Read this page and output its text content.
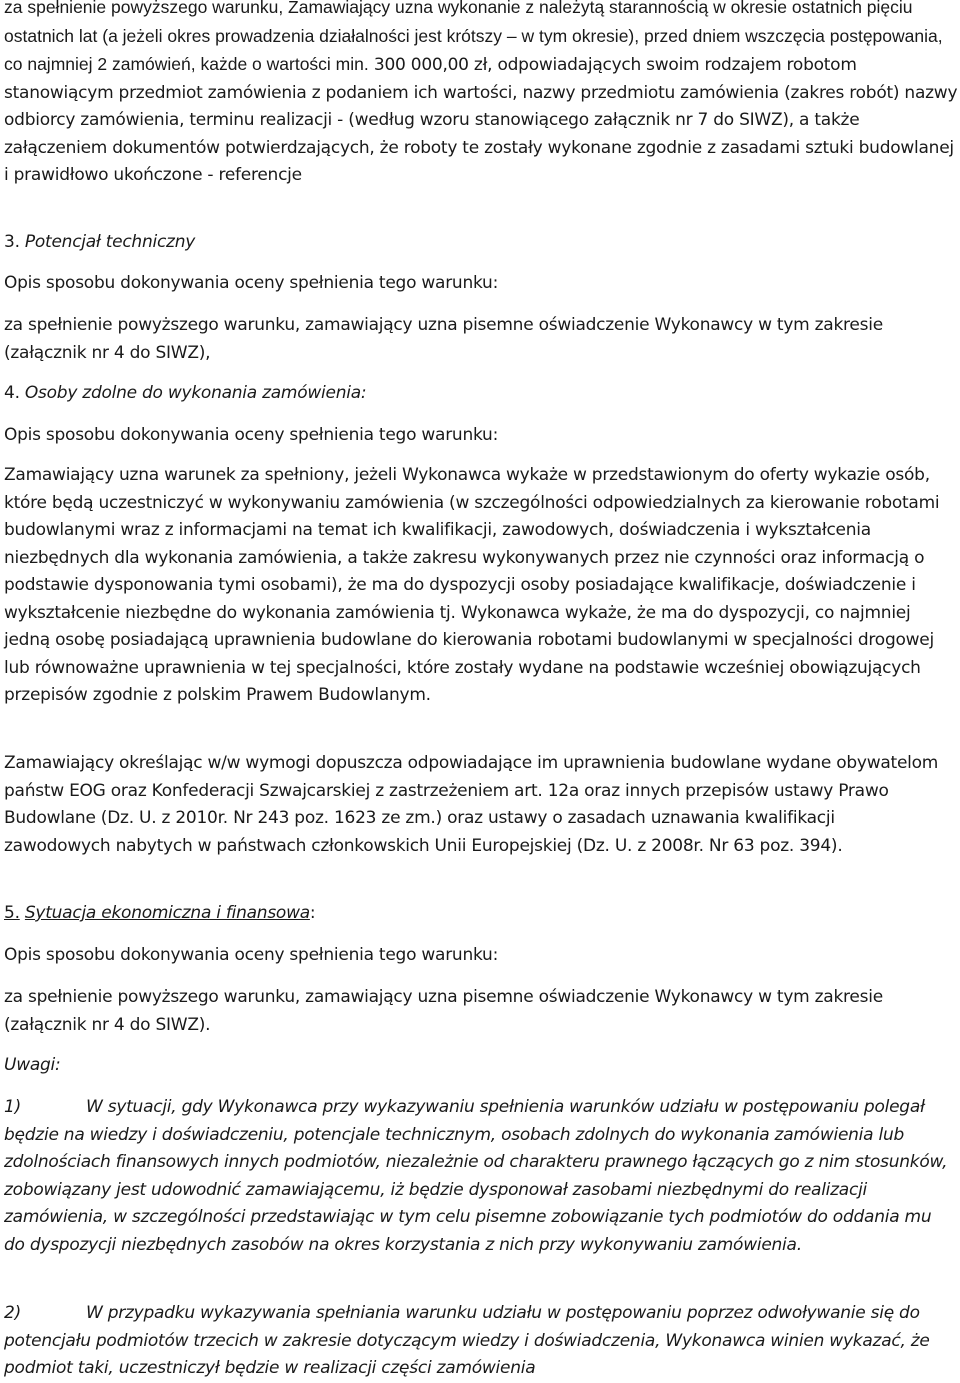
za spełnienie powyższego warunku, Zamawiający uzna wykonanie z należytą starannością w okresie ostatnich pięciu ostatnich lat (a jeżeli okres prowadzenia działalności jest krótszy – w tym okresie), przed dniem wszczęcia postępowania, co najmniej 2 zamówień, każde o wartości min. 300 000,00 zł, odpowiadających swoim rodzajem robotom stanowiącym przedmiot zamówienia z podaniem ich wartości, nazwy przedmiotu zamówienia (zakres robót) nazwy odbiorcy zamówienia, terminu realizacji - (według wzoru stanowiącego załącznik nr 7 do SIWZ), a także załączeniem dokumentów potwierdzających, że roboty te zostały wykonane zgodnie z zasadami sztuki budowlanej i prawidłowo ukończone - referencje

3. Potencjał techniczny

Opis sposobu dokonywania oceny spełnienia tego warunku:

za spełnienie powyższego warunku, zamawiający uzna pisemne oświadczenie Wykonawcy w tym zakresie (załącznik nr 4 do SIWZ),

4. Osoby zdolne do wykonania zamówienia:

Opis sposobu dokonywania oceny spełnienia tego warunku:

Zamawiający uzna warunek za spełniony, jeżeli Wykonawca wykaże w przedstawionym do oferty wykazie osób, które będą uczestniczyć w wykonywaniu zamówienia (w szczególności odpowiedzialnych za kierowanie robotami budowlanymi wraz z informacjami na temat ich kwalifikacji, zawodowych, doświadczenia i wykształcenia niezbędnych dla wykonania zamówienia, a także zakresu wykonywanych przez nie czynności oraz informacją o podstawie dysponowania tymi osobami), że ma do dyspozycji osoby posiadające kwalifikacje, doświadczenie i wykształcenie niezbędne do wykonania zamówienia tj. Wykonawca wykaże, że ma do dyspozycji, co najmniej jedną osobę posiadającą uprawnienia budowlane do kierowania robotami budowlanymi w specjalności drogowej lub równoważne uprawnienia w tej specjalności, które zostały wydane na podstawie wcześniej obowiązujących przepisów zgodnie z polskim Prawem Budowlanym.

Zamawiający określając w/w wymogi dopuszcza odpowiadające im uprawnienia budowlane wydane obywatelom państw EOG oraz Konfederacji Szwajcarskiej z zastrzeżeniem art. 12a oraz innych przepisów ustawy Prawo Budowlane (Dz. U. z 2010r. Nr 243 poz. 1623 ze zm.) oraz ustawy o zasadach uznawania kwalifikacji zawodowych nabytych w państwach członkowskich Unii Europejskiej (Dz. U. z 2008r. Nr 63 poz. 394).

5. Sytuacja ekonomiczna i finansowa:

Opis sposobu dokonywania oceny spełnienia tego warunku:

za spełnienie powyższego warunku, zamawiający uzna pisemne oświadczenie Wykonawcy w tym zakresie (załącznik nr 4 do SIWZ).

Uwagi:

1)	W sytuacji, gdy Wykonawca przy wykazywaniu spełnienia warunków udziału w postępowaniu polegał będzie na wiedzy i doświadczeniu, potencjale technicznym, osobach zdolnych do wykonania zamówienia lub zdolnościach finansowych innych podmiotów, niezależnie od charakteru prawnego łączących go z nim stosunków, zobowiązany jest udowodnić zamawiającemu, iż będzie dysponował zasobami niezbędnymi do realizacji zamówienia, w szczególności przedstawiając w tym celu pisemne zobowiązanie tych podmiotów do oddania mu do dyspozycji niezbędnych zasobów na okres korzystania z nich przy wykonywaniu zamówienia.

2)	W przypadku wykazywania spełniania warunku udziału w postępowaniu poprzez odwoływanie się do potencjału podmiotów trzecich w zakresie dotyczącym wiedzy i doświadczenia, Wykonawca winien wykazać, że podmiot taki, uczestniczył będzie w realizacji części zamówienia
